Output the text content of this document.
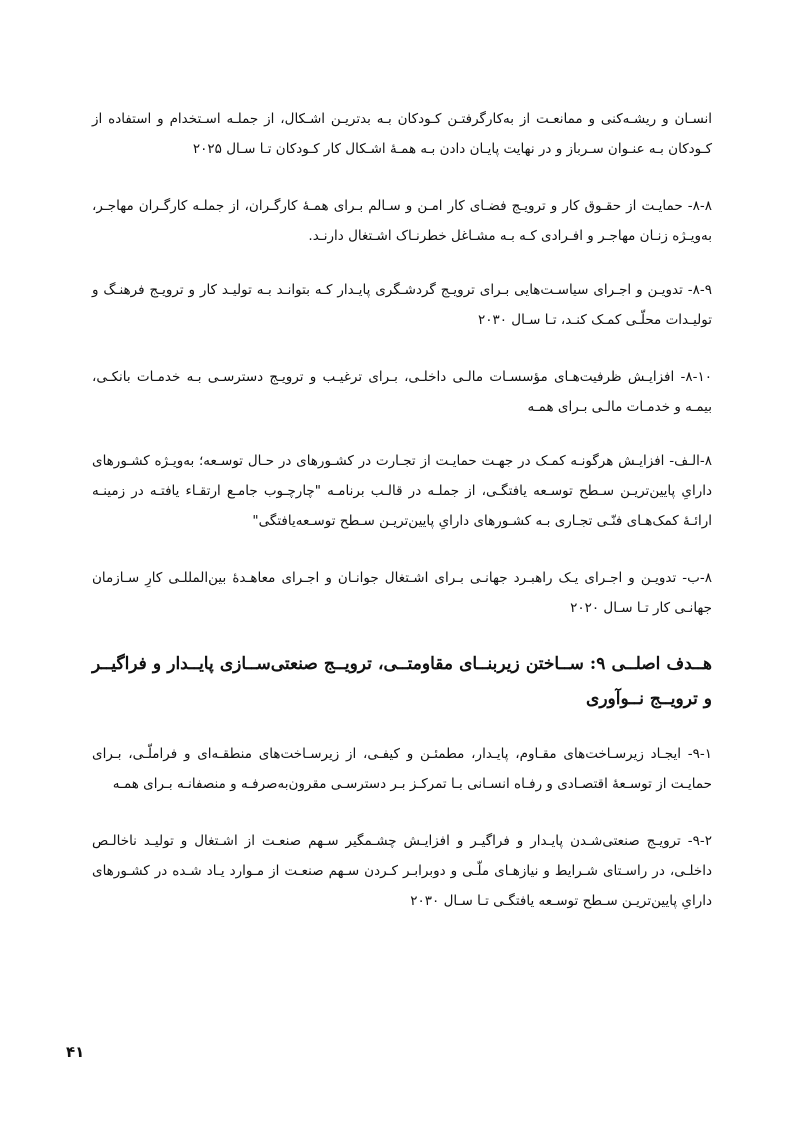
انسـان و ریشـه‌کنی و ممانعـت از به‌کارگرفتـن کـودکان بـه بدتریـن اشـکال، از جملـه اسـتخدام و استفاده از کـودکان بـه عنـوان سـرباز و در نهایت پایـان دادن بـه همـۀ اشـکال کار کـودکان تـا سـال ۲۰۲۵

۸-۸- حمایـت از حقـوق کار و ترویـج فضـای کار امـن و سـالم بـرای همـۀ کارگـران، از جملـه کارگـران مهاجـر، به‌ویـژه زنـان مهاجـر و افـرادی کـه بـه مشـاغل خطرنـاک اشـتغال دارنـد.

۸-۹- تدویـن و اجـرای سیاسـت‌هایی بـرای ترویـج گردشـگری پایـدار کـه بتوانـد بـه تولیـد کار و ترویـج فرهنـگ و تولیـدات محلّـی کمـک کنـد، تـا سـال ۲۰۳۰

۸-۱۰- افزایـش ظرفیت‌هـای مؤسسـات مالـی داخلـی، بـرای ترغیـب و ترویـج دسترسـی بـه خدمـات بانکـی، بیمـه و خدمـات مالـی بـرای همـه

۸-الـف- افزایـش هرگونـه کمـک در جهـت حمایـت از تجـارت در کشـورهای در حـال توسـعه؛ به‌ویـژه کشـورهای دارایِ پایین‌تریـن سـطح توسـعه یافتگـی، از جملـه در قالـب برنامـه "چارچـوب جامـع ارتقـاء یافتـه در زمینـه ارائـۀ کمک‌هـای فنّـی تجـاری بـه کشـورهای دارایِ پایین‌تریـن سـطح توسـعه‌یافتگی"

۸-ب- تدویـن و اجـرای یـک راهبـرد جهانـی بـرای اشـتغال جوانـان و اجـرای معاهـدۀ بین‌المللـی کارِ سـازمان جهانـی کار تـا سـال ۲۰۲۰

هــدف اصلــی ۹: ســاختن زیربنــای مقاومتــی، ترویــج صنعتی‌ســازی پایــدار و فراگیــر و ترویــج نــوآوری

۹-۱- ایجـاد زیرسـاخت‌های مقـاوم، پایـدار، مطمئـن و کیفـی، از زیرسـاخت‌های منطقـه‌ای و فراملّـی، بـرای حمایـت از توسـعۀ اقتصـادی و رفـاه انسـانی بـا تمرکـز بـر دسترسـی مقرون‌به‌صرفـه و منصفانـه بـرای همـه

۹-۲- ترویـج صنعتی‌شـدن پایـدار و فراگیـر و افزایـش چشـمگیر سـهم صنعـت از اشـتغال و تولیـد ناخالـص داخلـی، در راسـتای شـرایط و نیازهـای ملّـی و دوبرابـر کـردن سـهم صنعـت از مـوارد یـاد شـده در کشـورهای دارایِ پایین‌تریـن سـطح توسـعه یافتگـی تـا سـال ۲۰۳۰

۴۱
